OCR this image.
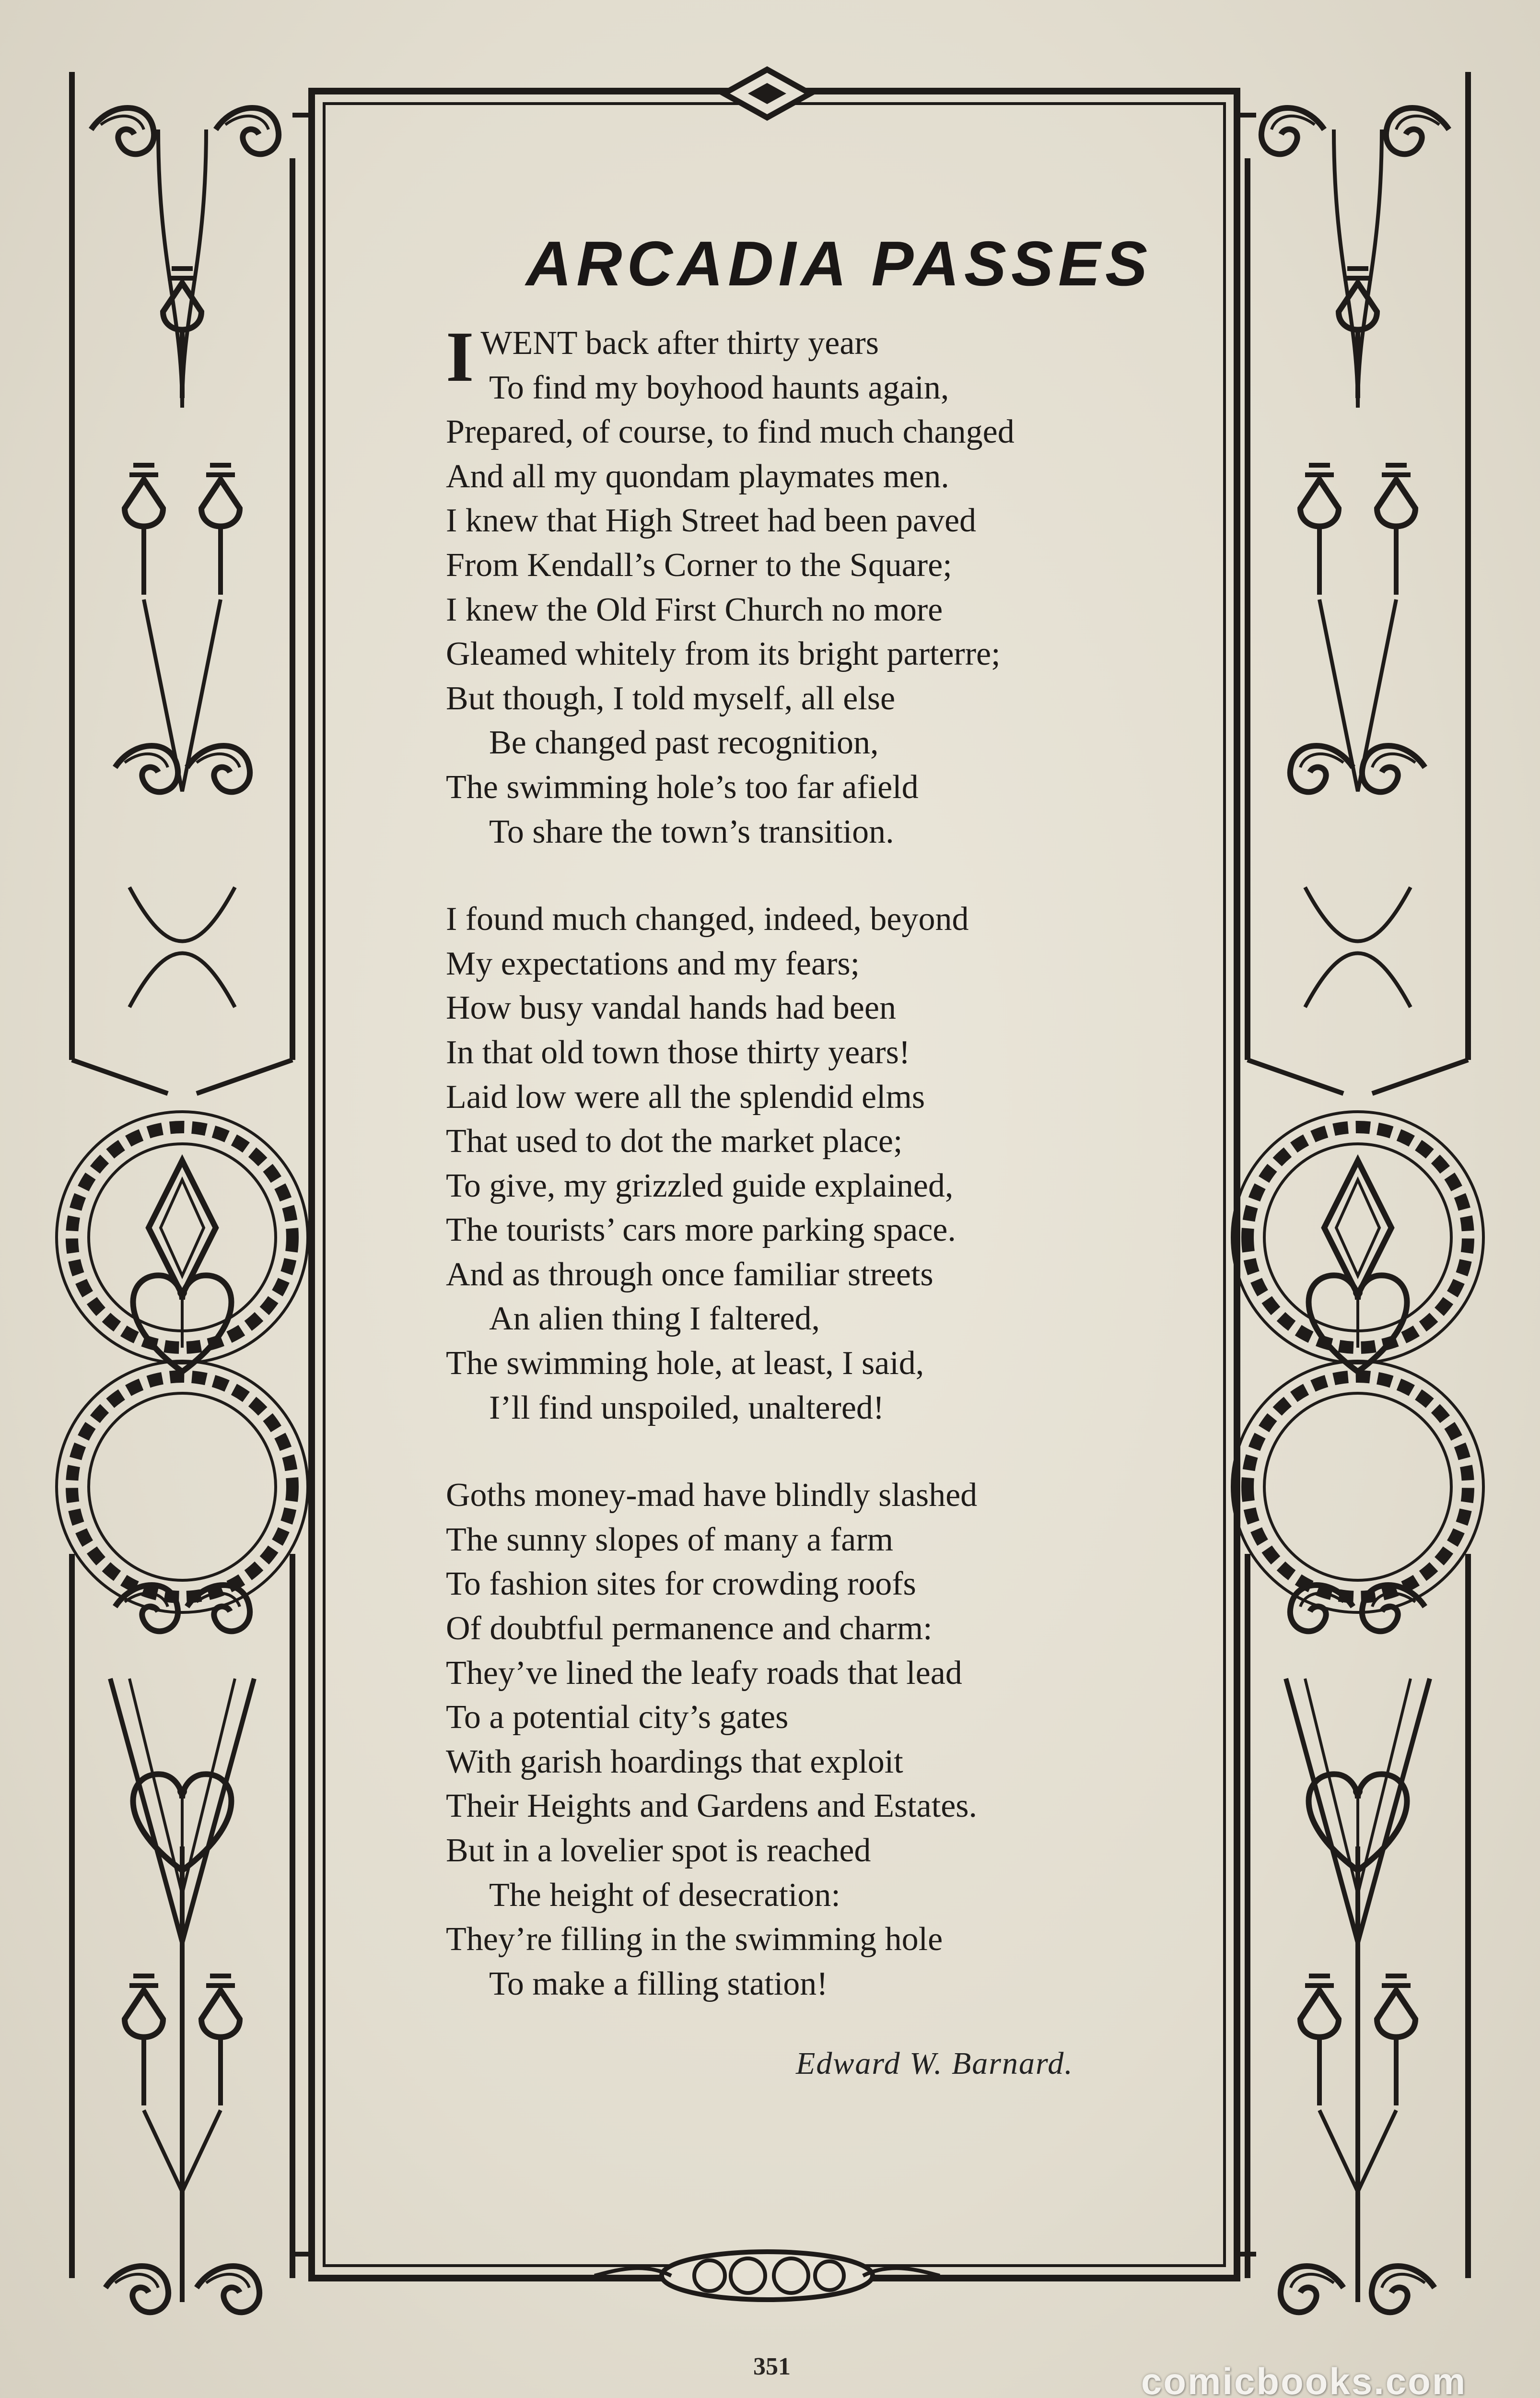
ARCADIA PASSES
IWENT back after thirty years
To find my boyhood haunts again,
Prepared, of course, to find much changed
And all my quondam playmates men.
I knew that High Street had been paved
From Kendall’s Corner to the Square;
I knew the Old First Church no more
Gleamed whitely from its bright parterre;
But though, I told myself, all else
Be changed past recognition,
The swimming hole’s too far afield
To share the town’s transition.
I found much changed, indeed, beyond
My expectations and my fears;
How busy vandal hands had been
In that old town those thirty years!
Laid low were all the splendid elms
That used to dot the market place;
To give, my grizzled guide explained,
The tourists’ cars more parking space.
And as through once familiar streets
An alien thing I faltered,
The swimming hole, at least, I said,
I’ll find unspoiled, unaltered!
Goths money-mad have blindly slashed
The sunny slopes of many a farm
To fashion sites for crowding roofs
Of doubtful permanence and charm:
They’ve lined the leafy roads that lead
To a potential city’s gates
With garish hoardings that exploit
Their Heights and Gardens and Estates.
But in a lovelier spot is reached
The height of desecration:
They’re filling in the swimming hole
To make a filling station!
Edward W. Barnard.
351	comicbooks.com
